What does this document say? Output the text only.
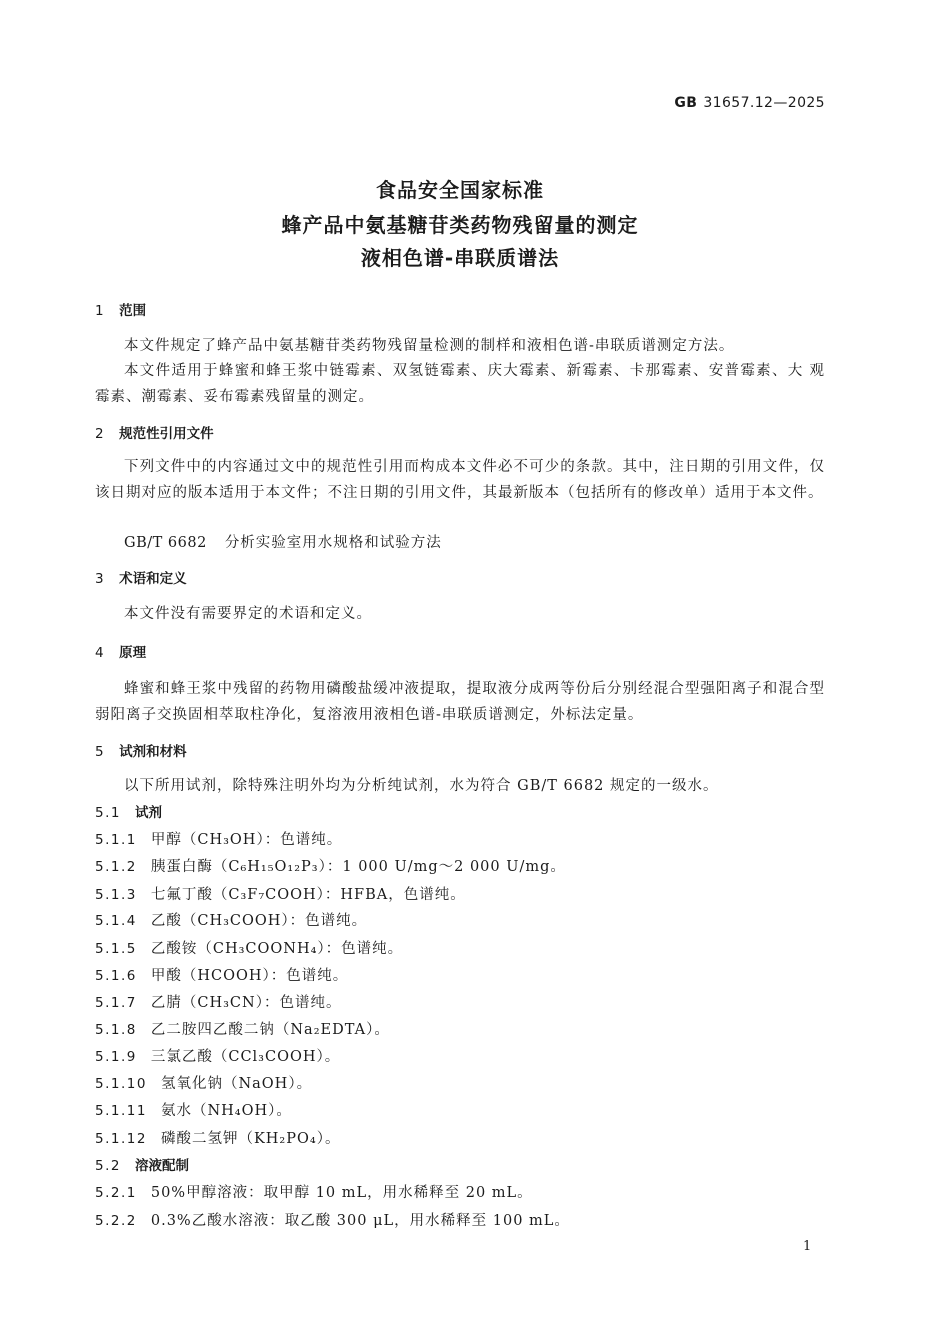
GB 31657.12—2025
食品安全国家标准
蜂产品中氨基糖苷类药物残留量的测定
液相色谱-串联质谱法
1 范围
本文件规定了蜂产品中氨基糖苷类药物残留量检测的制样和液相色谱-串联质谱测定方法。
本文件适用于蜂蜜和蜂王浆中链霉素、双氢链霉素、庆大霉素、新霉素、卡那霉素、安普霉素、大 观霉素、潮霉素、妥布霉素残留量的测定。
2 规范性引用文件
下列文件中的内容通过文中的规范性引用而构成本文件必不可少的条款。其中，注日期的引用文件，仅该日期对应的版本适用于本文件；不注日期的引用文件，其最新版本（包括所有的修改单）适用于本文件。
GB/T 6682 分析实验室用水规格和试验方法
3 术语和定义
本文件没有需要界定的术语和定义。
4 原理
蜂蜜和蜂王浆中残留的药物用磷酸盐缓冲液提取，提取液分成两等份后分别经混合型强阳离子和混合型弱阳离子交换固相萃取柱净化，复溶液用液相色谱-串联质谱测定，外标法定量。
5 试剂和材料
以下所用试剂，除特殊注明外均为分析纯试剂，水为符合 GB/T 6682 规定的一级水。
5.1 试剂
5.1.1 甲醇（CH₃OH）：色谱纯。
5.1.2 胰蛋白酶（C₆H₁₅O₁₂P₃）：1 000 U/mg～2 000 U/mg。
5.1.3 七氟丁酸（C₃F₇COOH）：HFBA，色谱纯。
5.1.4 乙酸（CH₃COOH）：色谱纯。
5.1.5 乙酸铵（CH₃COONH₄）：色谱纯。
5.1.6 甲酸（HCOOH）：色谱纯。
5.1.7 乙腈（CH₃CN）：色谱纯。
5.1.8 乙二胺四乙酸二钠（Na₂EDTA）。
5.1.9 三氯乙酸（CCl₃COOH）。
5.1.10 氢氧化钠（NaOH）。
5.1.11 氨水（NH₄OH）。
5.1.12 磷酸二氢钾（KH₂PO₄）。
5.2 溶液配制
5.2.1 50%甲醇溶液：取甲醇 10 mL，用水稀释至 20 mL。
5.2.2 0.3%乙酸水溶液：取乙酸 300 μL，用水稀释至 100 mL。
1
